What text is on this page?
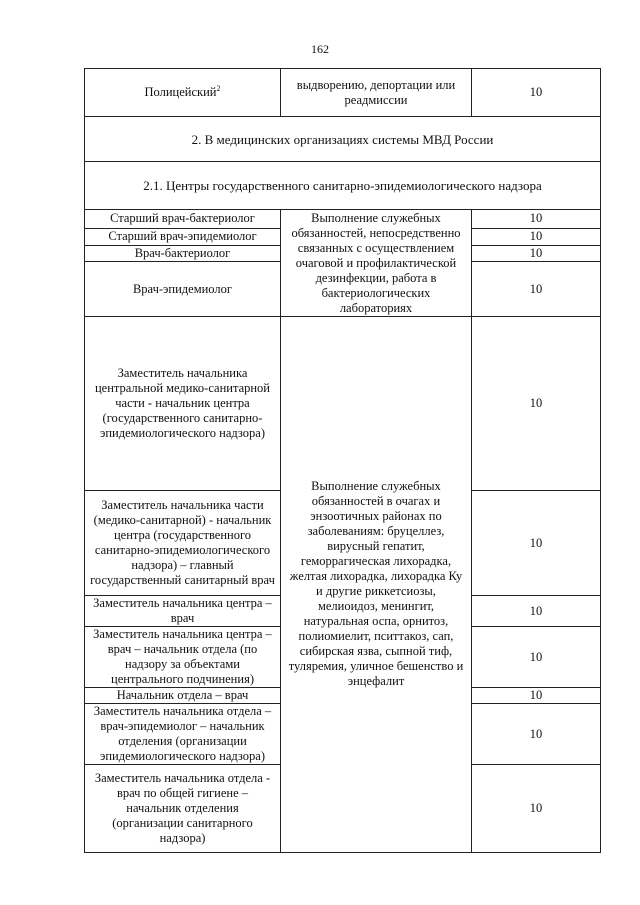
162
Полицейский$^2$	выдворению, депортации или реадмиссии	10
2. В медицинских организациях системы МВД России		
2.1. Центры государственного санитарно-эпидемиологического надзора		
Старший врач-бактериолог	Выполнение служебных обязанностей, непосредственно связанных с осуществлением очаговой и профилактической дезинфекции, работа в бактериологических лабораториях	10
Старший врач-эпидемиолог		10
Врач-бактериолог		10
Врач-эпидемиолог		10
Заместитель начальника центральной медико-санитарной части - начальник центра (государственного санитарно-эпидемиологического надзора)	Выполнение служебных обязанностей в очагах и энзоотичных районах по заболеваниям: бруцеллез, вирусный гепатит, геморрагическая лихорадка, желтая лихорадка, лихорадка Ку и другие риккетсиозы, мелиоидоз, менингит, натуральная оспа, орнитоз, полиомиелит, пситтакоз, сап, сибирская язва, сыпной тиф, туляремия, уличное бешенство и энцефалит	10
Заместитель начальника части (медико-санитарной) - начальник центра (государственного санитарно-эпидемиологического надзора) – главный государственный санитарный врач		10
Заместитель начальника центра – врач		10
Заместитель начальника центра – врач – начальник отдела (по надзору за объектами центрального подчинения)		10
Начальник отдела – врач		10
Заместитель начальника отдела – врач-эпидемиолог – начальник отделения (организации эпидемиологического надзора)		10
Заместитель начальника отдела - врач по общей гигиене – начальник отделения (организации санитарного надзора)		10
